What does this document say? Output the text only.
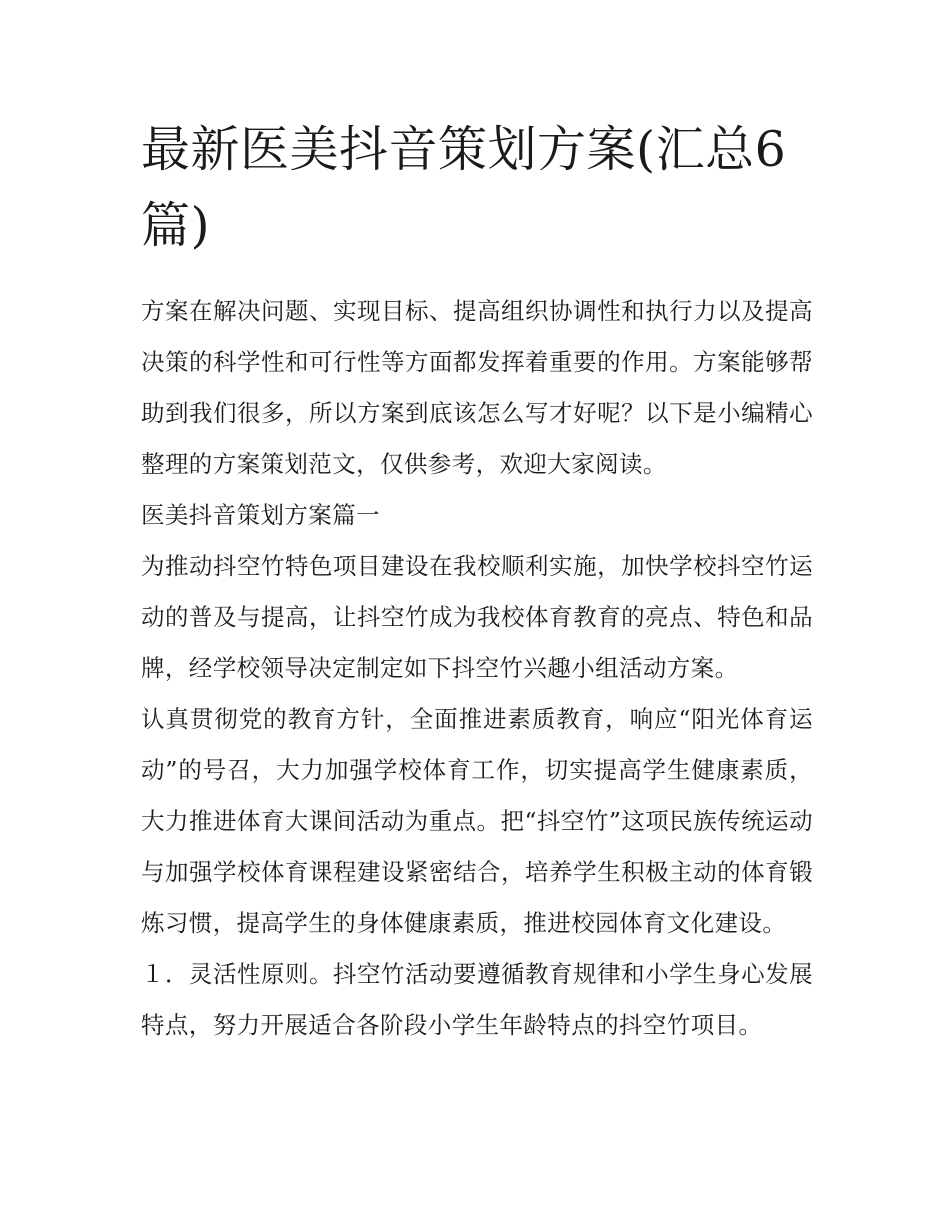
最新医美抖音策划方案(汇总6篇)

方案在解决问题、实现目标、提高组织协调性和执行力以及提高决策的科学性和可行性等方面都发挥着重要的作用。方案能够帮助到我们很多，所以方案到底该怎么写才好呢？以下是小编精心整理的方案策划范文，仅供参考，欢迎大家阅读。

医美抖音策划方案篇一

为推动抖空竹特色项目建设在我校顺利实施，加快学校抖空竹运动的普及与提高，让抖空竹成为我校体育教育的亮点、特色和品牌，经学校领导决定制定如下抖空竹兴趣小组活动方案。

认真贯彻党的教育方针，全面推进素质教育，响应“阳光体育运动”的号召，大力加强学校体育工作，切实提高学生健康素质，大力推进体育大课间活动为重点。把“抖空竹”这项民族传统运动与加强学校体育课程建设紧密结合，培养学生积极主动的体育锻炼习惯，提高学生的身体健康素质，推进校园体育文化建设。

１．灵活性原则。抖空竹活动要遵循教育规律和小学生身心发展特点，努力开展适合各阶段小学生年龄特点的抖空竹项目。
